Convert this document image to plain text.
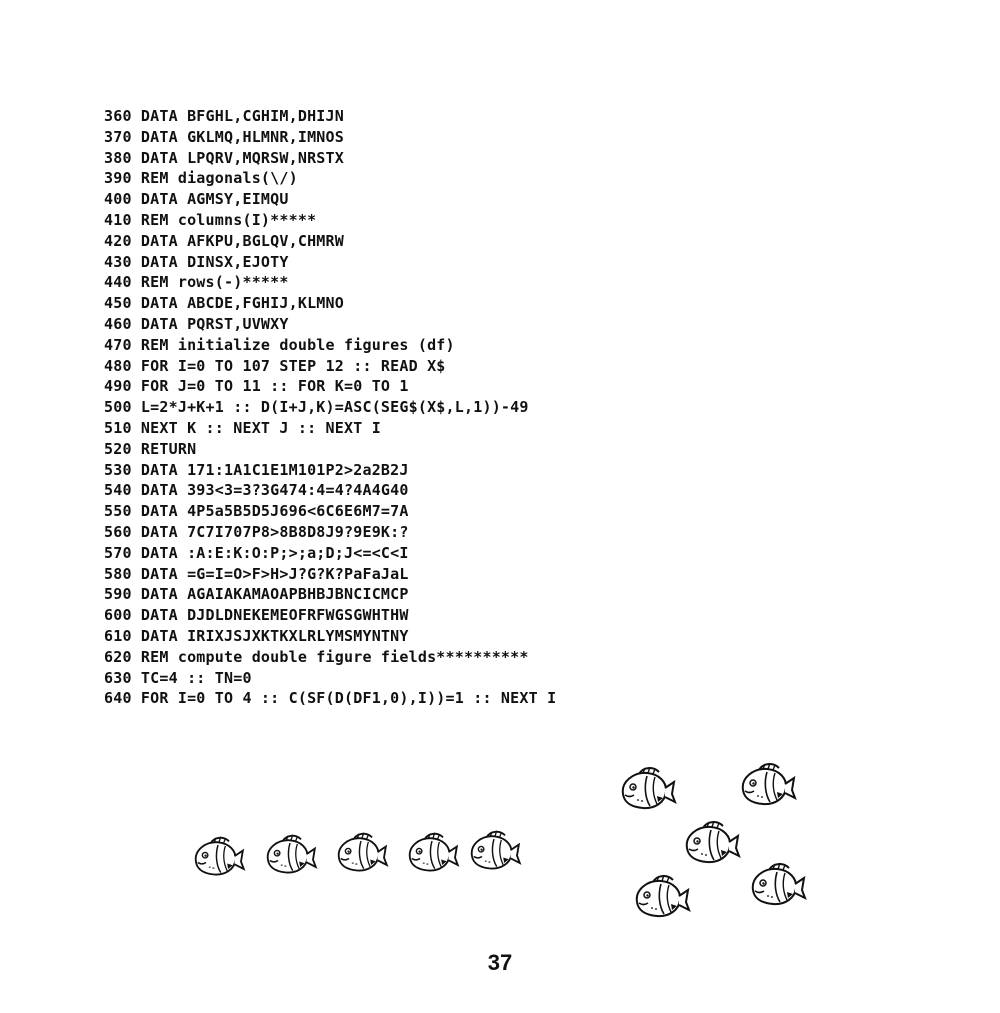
360 DATA BFGHL,CGHIM,DHIJN
370 DATA GKLMQ,HLMNR,IMNOS
380 DATA LPQRV,MQRSW,NRSTX
390 REM diagonals(\/)
400 DATA AGMSY,EIMQU
410 REM columns(I)*****
420 DATA AFKPU,BGLQV,CHMRW
430 DATA DINSX,EJOTY
440 REM rows(-)*****
450 DATA ABCDE,FGHIJ,KLMNO
460 DATA PQRST,UVWXY
470 REM initialize double figures (df)
480 FOR I=0 TO 107 STEP 12 :: READ X$
490 FOR J=0 TO 11 :: FOR K=0 TO 1
500 L=2*J+K+1 :: D(I+J,K)=ASC(SEG$(X$,L,1))-49
510 NEXT K :: NEXT J :: NEXT I
520 RETURN
530 DATA 171:1A1C1E1M101P2>2a2B2J
540 DATA 393<3=3?3G474:4=4?4A4G40
550 DATA 4P5a5B5D5J696<6C6E6M7=7A
560 DATA 7C7I707P8>8B8D8J9?9E9K:?
570 DATA :A:E:K:O:P;>;a;D;J<=<C<I
580 DATA =G=I=O>F>H>J?G?K?PaFaJaL
590 DATA AGAIAKAMAOAPBHBJBNCICMCP
600 DATA DJDLDNEKEMEOFRFWGSGWHTHW
610 DATA IRIXJSJXKTKXLRLYMSMYNTNY
620 REM compute double figure fields**********
630 TC=4 :: TN=0
640 FOR I=0 TO 4 :: C(SF(D(DF1,0),I))=1 :: NEXT I
37
